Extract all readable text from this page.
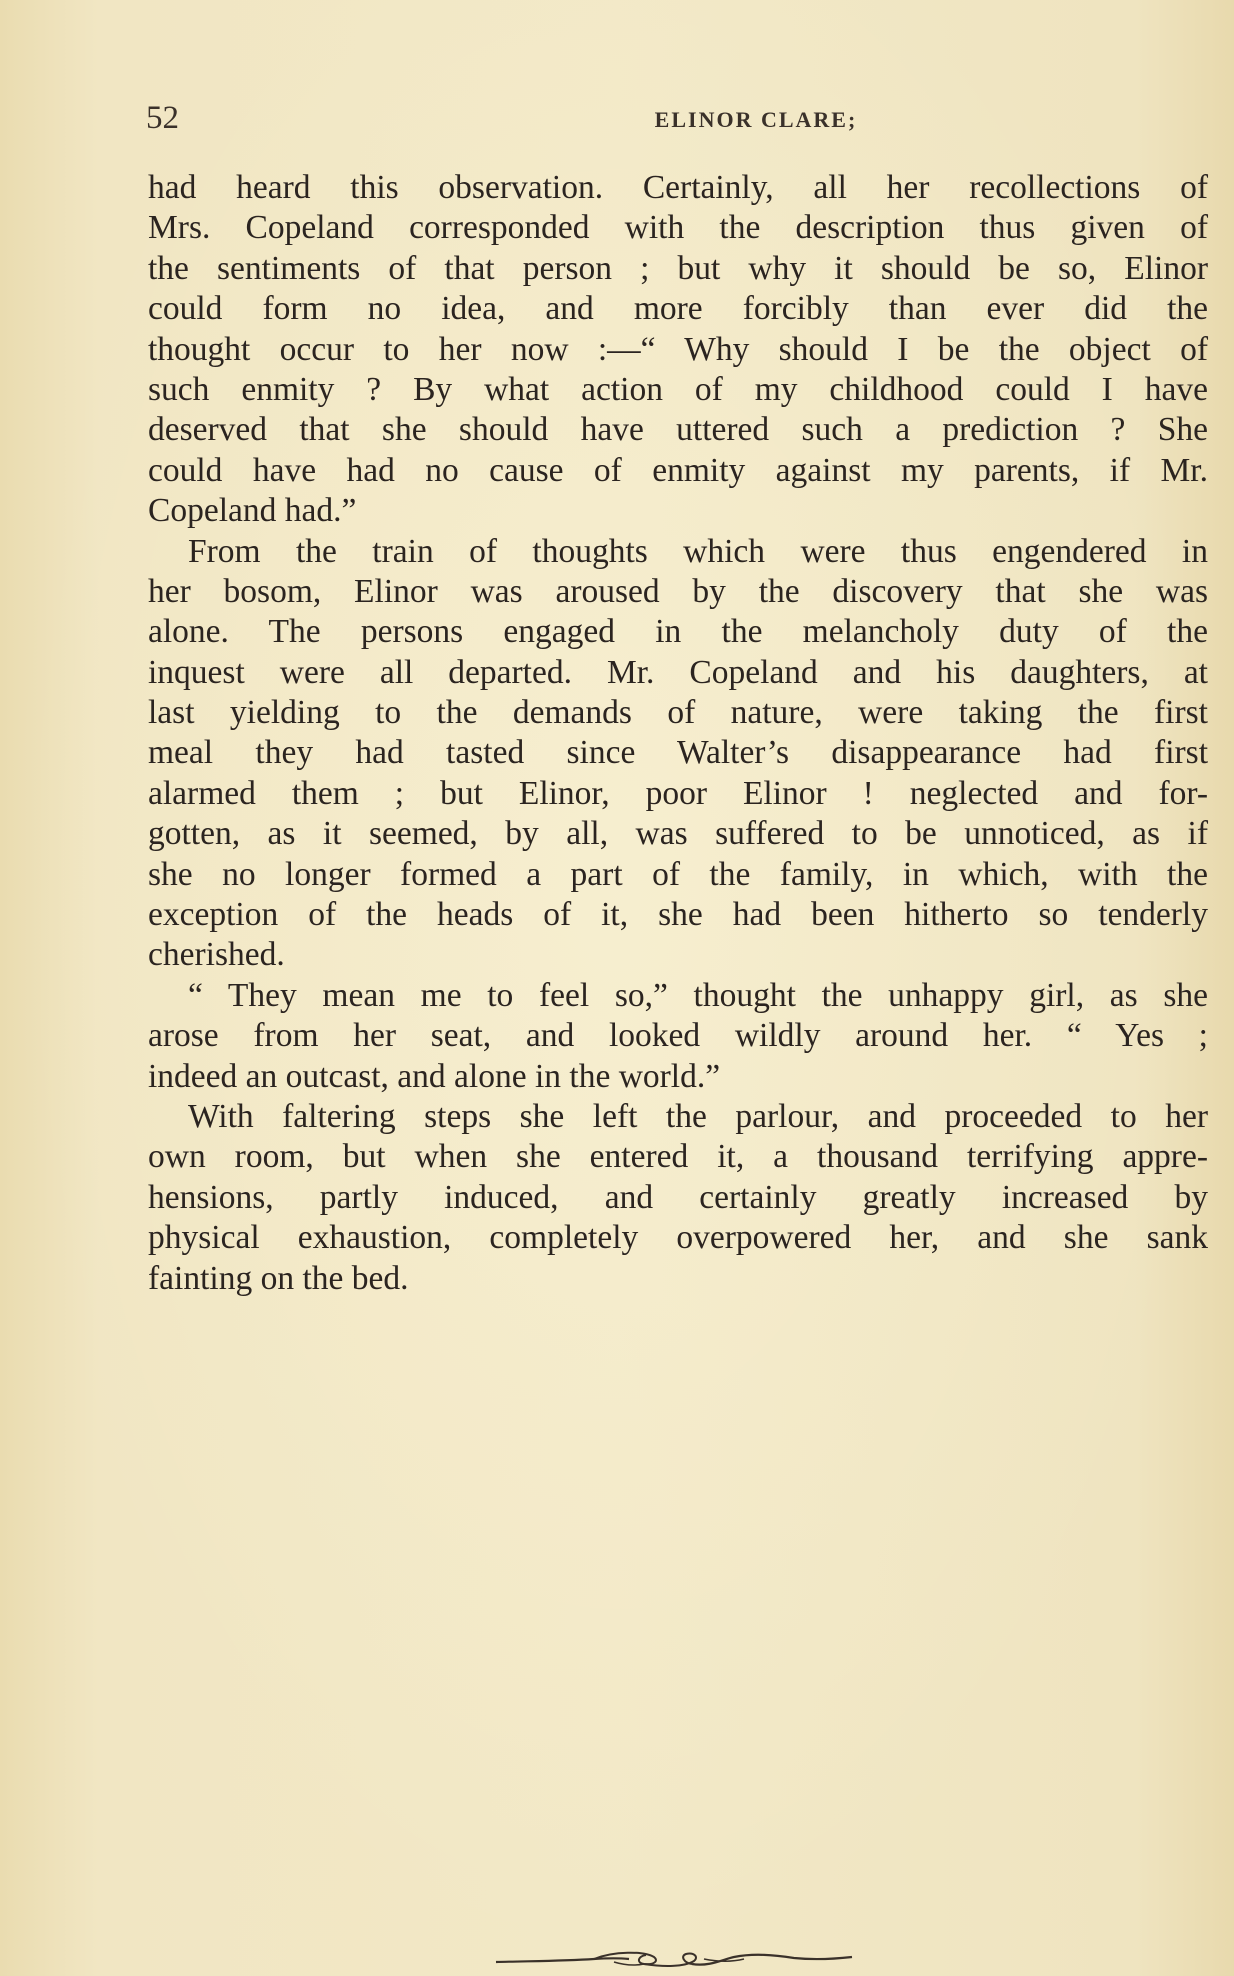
52	ELINOR CLARE;
had heard this observation. Certainly, all her recollections of
Mrs. Copeland corresponded with the description thus given of
the sentiments of that person ; but why it should be so, Elinor
could form no idea, and more forcibly than ever did the
thought occur to her now :—“ Why should I be the object of
such enmity ? By what action of my childhood could I have
deserved that she should have uttered such a prediction ? She
could have had no cause of enmity against my parents, if Mr.
Copeland had.”
From the train of thoughts which were thus engendered in
her bosom, Elinor was aroused by the discovery that she was
alone. The persons engaged in the melancholy duty of the
inquest were all departed. Mr. Copeland and his daughters, at
last yielding to the demands of nature, were taking the first
meal they had tasted since Walter’s disappearance had first
alarmed them ; but Elinor, poor Elinor ! neglected and for-
gotten, as it seemed, by all, was suffered to be unnoticed, as if
she no longer formed a part of the family, in which, with the
exception of the heads of it, she had been hitherto so tenderly
cherished.
“ They mean me to feel so,” thought the unhappy girl, as she
arose from her seat, and looked wildly around her. “ Yes ;
indeed an outcast, and alone in the world.”
With faltering steps she left the parlour, and proceeded to her
own room, but when she entered it, a thousand terrifying appre-
hensions, partly induced, and certainly greatly increased by
physical exhaustion, completely overpowered her, and she sank
fainting on the bed.
